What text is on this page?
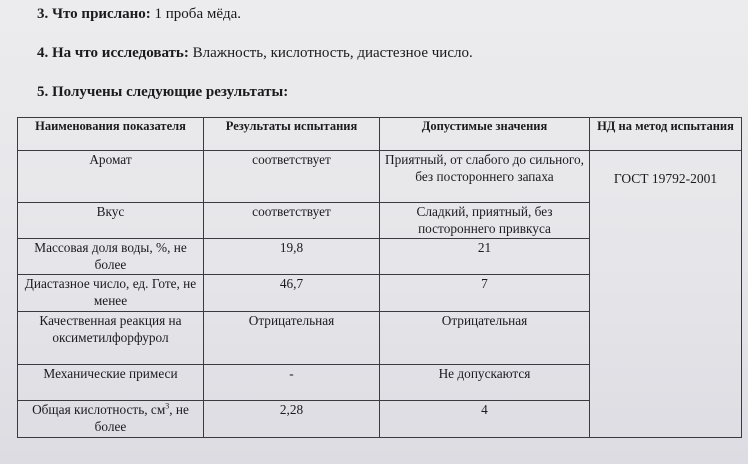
3. Что прислано: 1 проба мёда.
4. На что исследовать: Влажность, кислотность, диастезное число.
5. Получены следующие результаты:
Наименования показателя	Результаты испытания	Допустимые значения	НД на метод испытания
Аромат	соответствует	Приятный, от слабого до сильного, без постороннего запаха	ГОСТ 19792-2001
Вкус	соответствует	Сладкий, приятный, без постороннего привкуса	
Массовая доля воды, %, не более	19,8	21	
Диастазное число, ед. Готе, не менее	46,7	7	
Качественная реакция на оксиметилфорфурол	Отрицательная	Отрицательная	
Механические примеси	-	Не допускаются	
Общая кислотность, $см^3$, не более	2,28	4	
